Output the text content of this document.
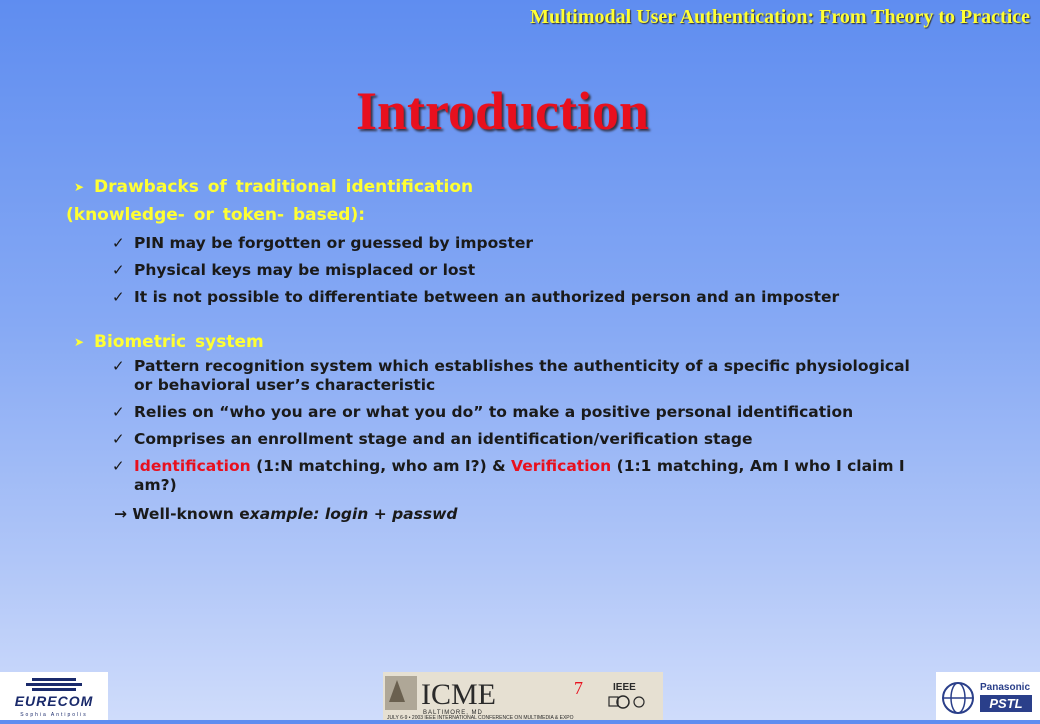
Multimodal User Authentication: From Theory to Practice
Introduction
➤ Drawbacks of traditional identification
(knowledge- or token- based):
✓ PIN may be forgotten or guessed by imposter
✓ Physical keys may be misplaced or lost
✓ It is not possible to differentiate between an authorized person and an imposter
➤ Biometric system
✓ Pattern recognition system which establishes the authenticity of a specific physiological or behavioral user’s characteristic
✓ Relies on “who you are or what you do” to make a positive personal identification
✓ Comprises an enrollment stage and an identification/verification stage
✓ Identification (1:N matching, who am I?) & Verification (1:1 matching, Am I who I claim I am?)
→ Well-known example: login + passwd
EURECOM
Sophia Antipolis
ICME
BALTIMORE, MD
JULY 6-9 • 2003 IEEE INTERNATIONAL CONFERENCE ON MULTIMEDIA & EXPO
IEEE
7	Panasonic
PSTL
